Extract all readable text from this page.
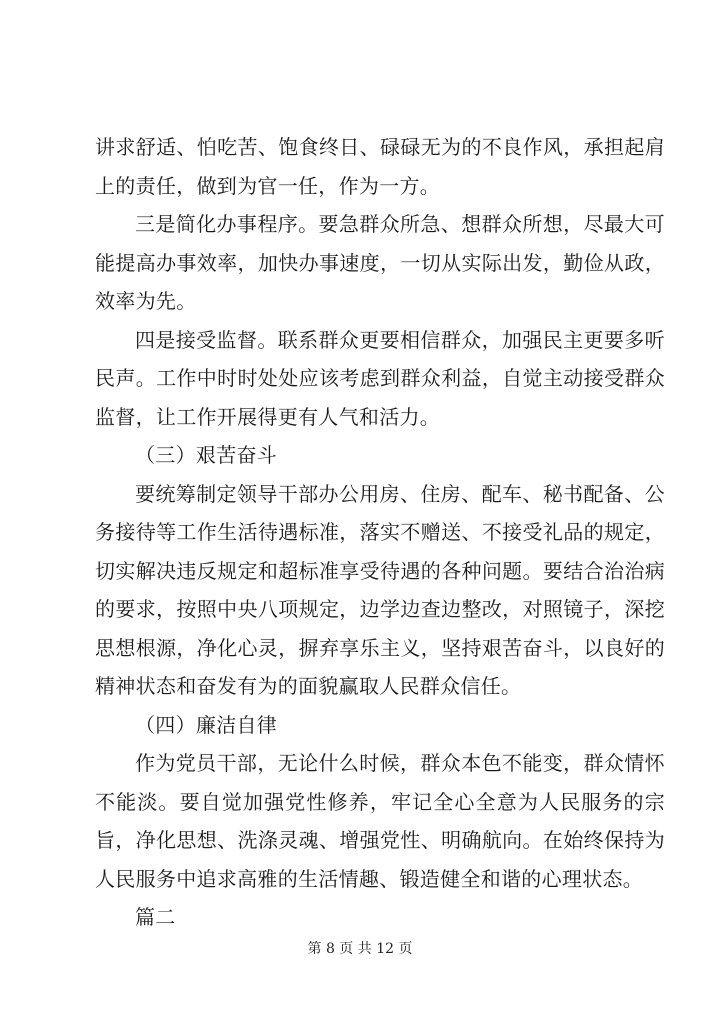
讲求舒适、怕吃苦、饱食终日、碌碌无为的不良作风，承担起肩上的责任，做到为官一任，作为一方。

三是简化办事程序。要急群众所急、想群众所想，尽最大可能提高办事效率，加快办事速度，一切从实际出发，勤俭从政，效率为先。

四是接受监督。联系群众更要相信群众，加强民主更要多听民声。工作中时时处处应该考虑到群众利益，自觉主动接受群众监督，让工作开展得更有人气和活力。

（三）艰苦奋斗

要统筹制定领导干部办公用房、住房、配车、秘书配备、公务接待等工作生活待遇标准，落实不赠送、不接受礼品的规定，切实解决违反规定和超标准享受待遇的各种问题。要结合治治病的要求，按照中央八项规定，边学边查边整改，对照镜子，深挖思想根源，净化心灵，摒弃享乐主义，坚持艰苦奋斗，以良好的精神状态和奋发有为的面貌赢取人民群众信任。

（四）廉洁自律

作为党员干部，无论什么时候，群众本色不能变，群众情怀不能淡。要自觉加强党性修养，牢记全心全意为人民服务的宗旨，净化思想、洗涤灵魂、增强党性、明确航向。在始终保持为人民服务中追求高雅的生活情趣、锻造健全和谐的心理状态。

篇二

第 8 页 共 12 页
